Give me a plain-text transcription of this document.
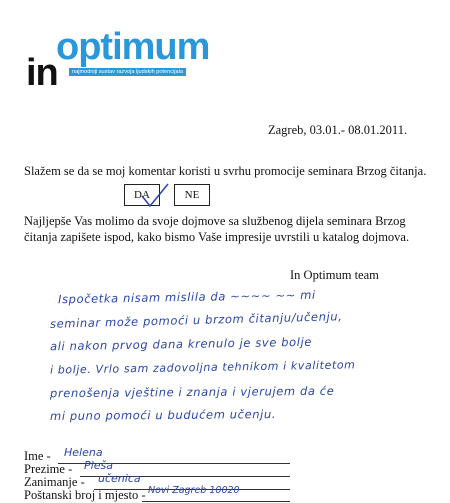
optimum
in	najmodniji sustav razvoja ljudskih potencijala
Zagreb, 03.01.- 08.01.2011.
Slažem se da se moj komentar koristi u svrhu promocije seminara Brzog čitanja.
DA	NE
Najljepše Vas molimo da svoje dojmove sa službenog dijela seminara Brzog
čitanja zapišete ispod, kako bismo Vaše impresije uvrstili u katalog dojmova.
In Optimum team
Ispočetka nisam mislila da ~~~~ ~~ mi
seminar može pomoći u brzom čitanju/učenju,
ali nakon prvog dana krenulo je sve bolje
i bolje. Vrlo sam zadovoljna tehnikom i kvalitetom
prenošenja vještine i znanja i vjerujem da će
mi puno pomoći u budućem učenju.
Ime - Helena
Prezime - Pleša
Zanimanje - učenica
Poštanski broj i mjesto - Novi Zagreb 10020
